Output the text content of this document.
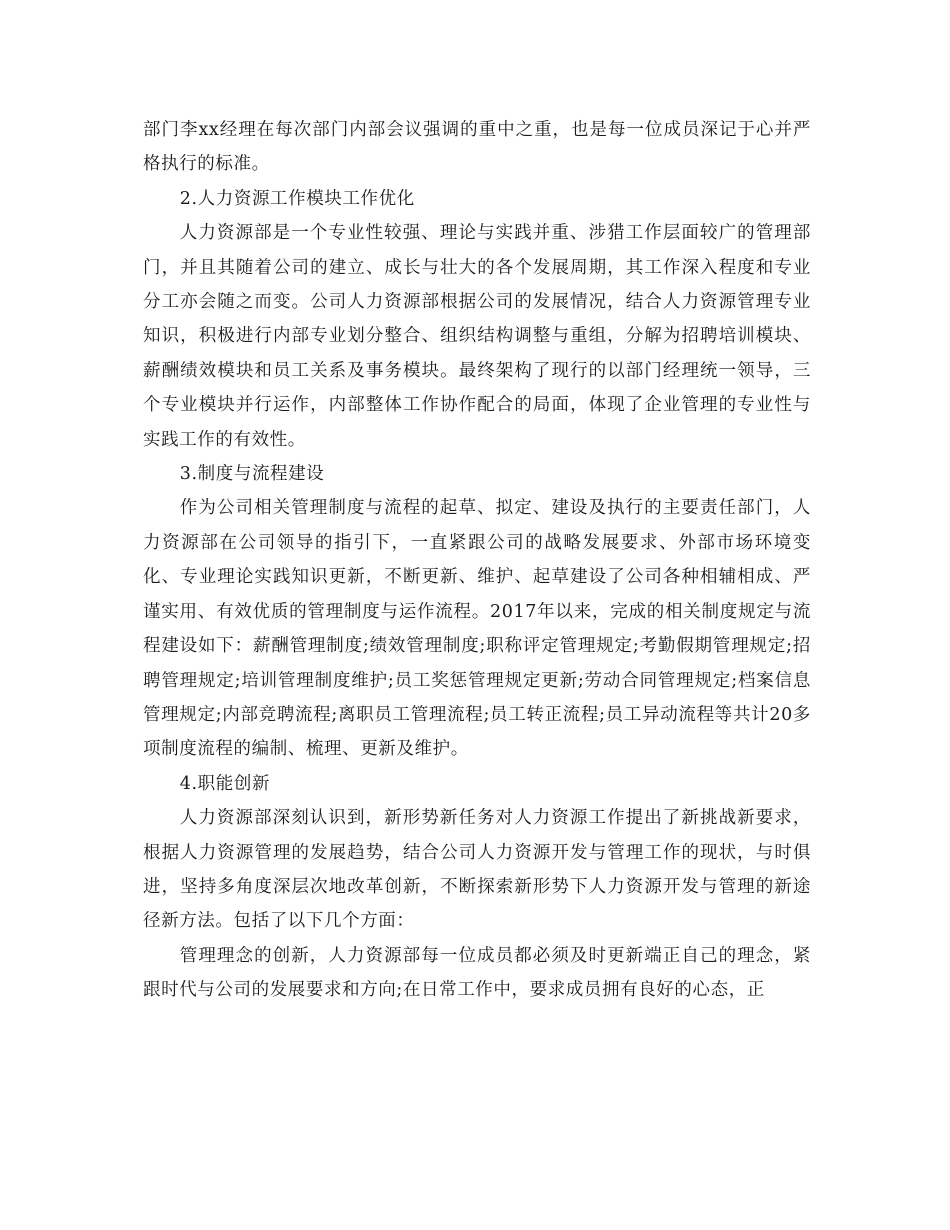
部门李xx经理在每次部门内部会议强调的重中之重，也是每一位成员深记于心并严格执行的标准。

2.人力资源工作模块工作优化

人力资源部是一个专业性较强、理论与实践并重、涉猎工作层面较广的管理部门，并且其随着公司的建立、成长与壮大的各个发展周期，其工作深入程度和专业分工亦会随之而变。公司人力资源部根据公司的发展情况，结合人力资源管理专业知识，积极进行内部专业划分整合、组织结构调整与重组，分解为招聘培训模块、薪酬绩效模块和员工关系及事务模块。最终架构了现行的以部门经理统一领导，三个专业模块并行运作，内部整体工作协作配合的局面，体现了企业管理的专业性与实践工作的有效性。

3.制度与流程建设

作为公司相关管理制度与流程的起草、拟定、建设及执行的主要责任部门，人力资源部在公司领导的指引下，一直紧跟公司的战略发展要求、外部市场环境变化、专业理论实践知识更新，不断更新、维护、起草建设了公司各种相辅相成、严谨实用、有效优质的管理制度与运作流程。2017年以来，完成的相关制度规定与流程建设如下：薪酬管理制度;绩效管理制度;职称评定管理规定;考勤假期管理规定;招聘管理规定;培训管理制度维护;员工奖惩管理规定更新;劳动合同管理规定;档案信息管理规定;内部竞聘流程;离职员工管理流程;员工转正流程;员工异动流程等共计20多项制度流程的编制、梳理、更新及维护。

4.职能创新

人力资源部深刻认识到，新形势新任务对人力资源工作提出了新挑战新要求，根据人力资源管理的发展趋势，结合公司人力资源开发与管理工作的现状，与时俱进，坚持多角度深层次地改革创新，不断探索新形势下人力资源开发与管理的新途径新方法。包括了以下几个方面：

管理理念的创新，人力资源部每一位成员都必须及时更新端正自己的理念，紧跟时代与公司的发展要求和方向;在日常工作中，要求成员拥有良好的心态，正
